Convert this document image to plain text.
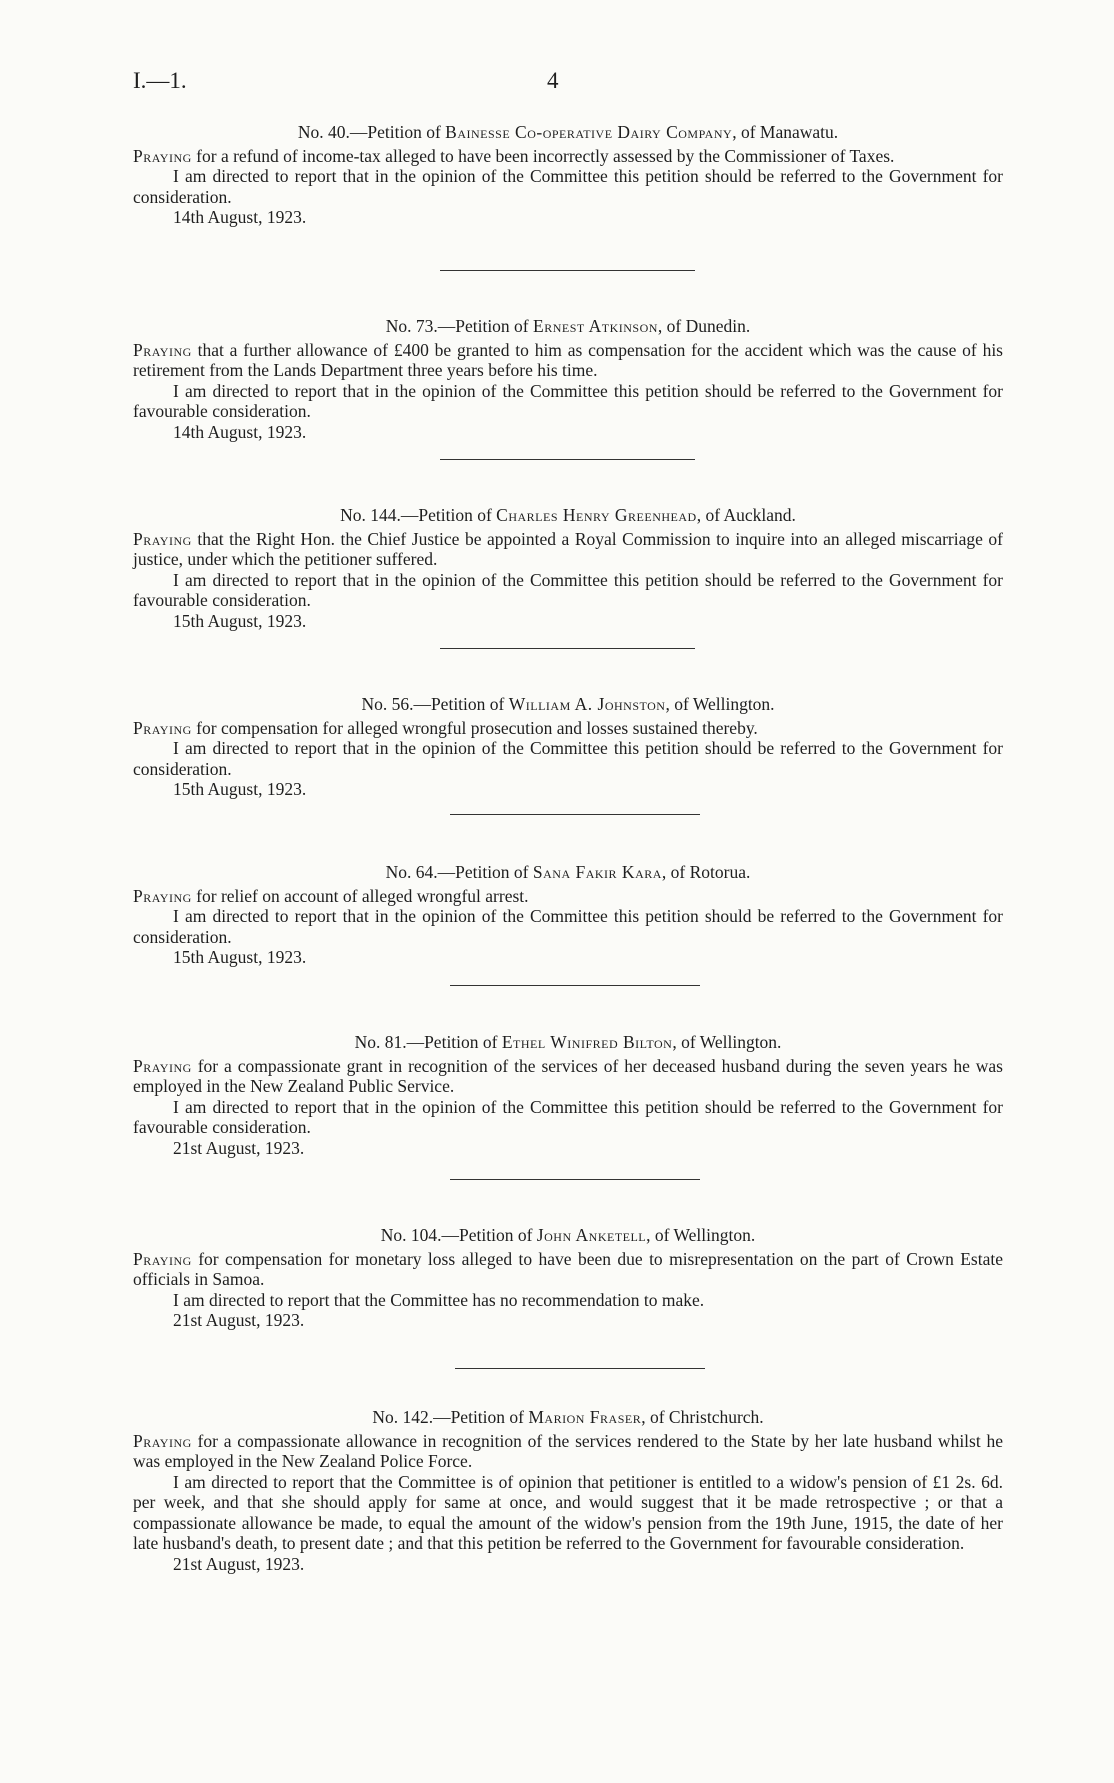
I.—1.	4
No. 40.—Petition of Bainesse Co-operative Dairy Company, of Manawatu.
Praying for a refund of income-tax alleged to have been incorrectly assessed by the Commissioner of Taxes.
I am directed to report that in the opinion of the Committee this petition should be referred to the Government for consideration.
14th August, 1923.
No. 73.—Petition of Ernest Atkinson, of Dunedin.
Praying that a further allowance of £400 be granted to him as compensation for the accident which was the cause of his retirement from the Lands Department three years before his time.
I am directed to report that in the opinion of the Committee this petition should be referred to the Government for favourable consideration.
14th August, 1923.
No. 144.—Petition of Charles Henry Greenhead, of Auckland.
Praying that the Right Hon. the Chief Justice be appointed a Royal Commission to inquire into an alleged miscarriage of justice, under which the petitioner suffered.
I am directed to report that in the opinion of the Committee this petition should be referred to the Government for favourable consideration.
15th August, 1923.
No. 56.—Petition of William A. Johnston, of Wellington.
Praying for compensation for alleged wrongful prosecution and losses sustained thereby.
I am directed to report that in the opinion of the Committee this petition should be referred to the Government for consideration.
15th August, 1923.
No. 64.—Petition of Sana Fakir Kara, of Rotorua.
Praying for relief on account of alleged wrongful arrest.
I am directed to report that in the opinion of the Committee this petition should be referred to the Government for consideration.
15th August, 1923.
No. 81.—Petition of Ethel Winifred Bilton, of Wellington.
Praying for a compassionate grant in recognition of the services of her deceased husband during the seven years he was employed in the New Zealand Public Service.
I am directed to report that in the opinion of the Committee this petition should be referred to the Government for favourable consideration.
21st August, 1923.
No. 104.—Petition of John Anketell, of Wellington.
Praying for compensation for monetary loss alleged to have been due to misrepresentation on the part of Crown Estate officials in Samoa.
I am directed to report that the Committee has no recommendation to make.
21st August, 1923.
No. 142.—Petition of Marion Fraser, of Christchurch.
Praying for a compassionate allowance in recognition of the services rendered to the State by her late husband whilst he was employed in the New Zealand Police Force.
I am directed to report that the Committee is of opinion that petitioner is entitled to a widow's pension of £1 2s. 6d. per week, and that she should apply for same at once, and would suggest that it be made retrospective ; or that a compassionate allowance be made, to equal the amount of the widow's pension from the 19th June, 1915, the date of her late husband's death, to present date ; and that this petition be referred to the Government for favourable consideration.
21st August, 1923.
